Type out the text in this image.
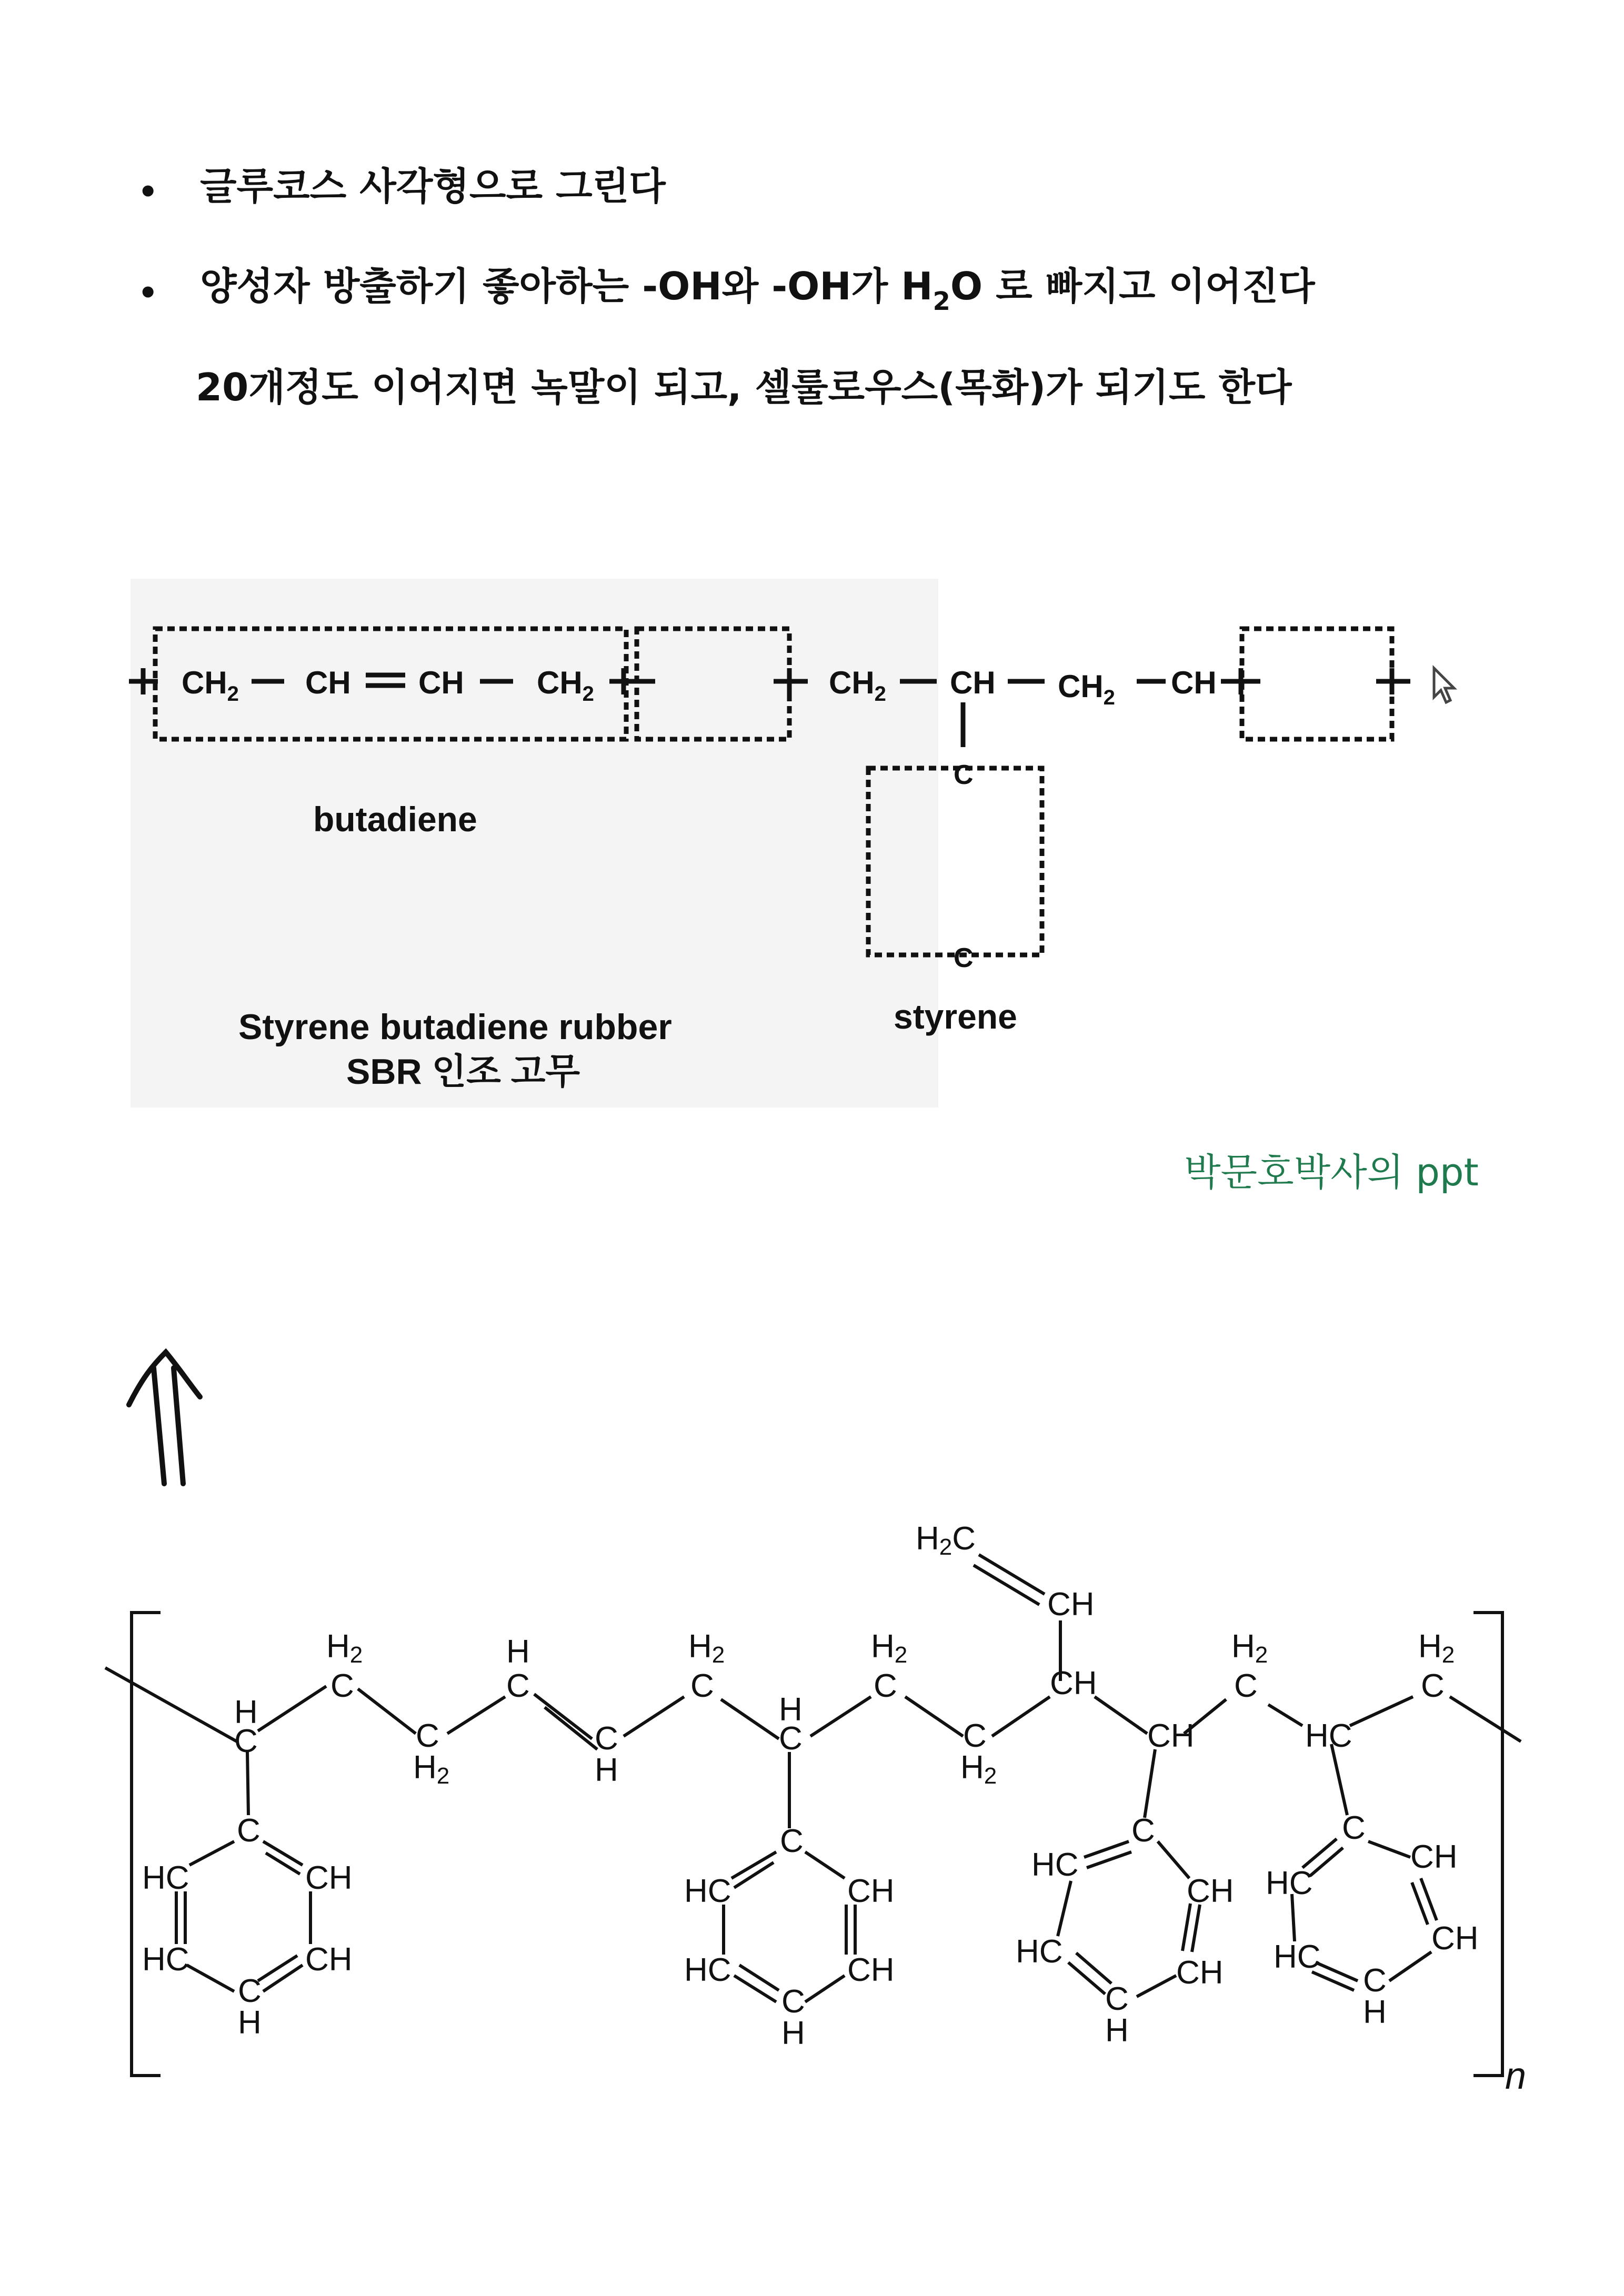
• 글루코스 사각형으로 그린다
• 양성자 방출하기 좋아하는 -OH와 -OH가 $H_2O$ 로 빠지고 이어진다
20개정도 이어지면 녹말이 되고, 셀룰로우스(목화)가 되기도 한다
$CH_2$ CH CH $CH_2$	$CH_2$ CH $CH_2$ CH
C
C
butadiene
styrene
Styrene butadiene rubber
SBR 인조 고무
박문호박사의 ppt
H
C
H2
C
C
H2
H
C
C
H
H2
C
H
C
H2
C
C
H2
CH
CH
H2
C
HC
H2
C
H2C
CH
C
HC	CH
HC	CH
C
H
C
HC	CH
HC	CH
C
H
C
HC
CH
HC
CH
C
H
C
CH
HC
CH
HC
C
H
n
